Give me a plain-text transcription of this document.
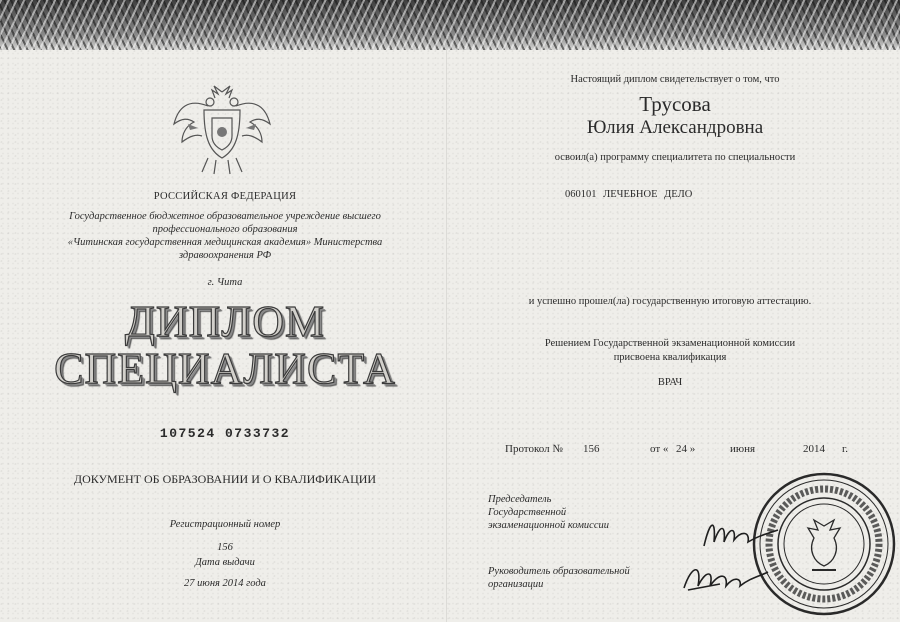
РОССИЙСКАЯ ФЕДЕРАЦИЯ
Государственное бюджетное образовательное учреждение высшего
профессионального образования
«Читинская государственная медицинская академия» Министерства
здравоохранения РФ
г. Чита
ДИПЛОМ
СПЕЦИАЛИСТА
107524 0733732
ДОКУМЕНТ ОБ ОБРАЗОВАНИИ И О КВАЛИФИКАЦИИ
Регистрационный номер
156
Дата выдачи
27 июня 2014 года
Настоящий диплом свидетельствует о том, что
Трусова
Юлия Александровна
освоил(а) программу специалитета по специальности
060101 ЛЕЧЕБНОЕ ДЕЛО
и успешно прошел(ла) государственную итоговую аттестацию.
Решением Государственной экзаменационной комиссии
присвоена квалификация
ВРАЧ
Протокол № 156	от « 24 »	июня	2014 г.
Председатель
Государственной
экзаменационной комиссии
Руководитель образовательной
организации
